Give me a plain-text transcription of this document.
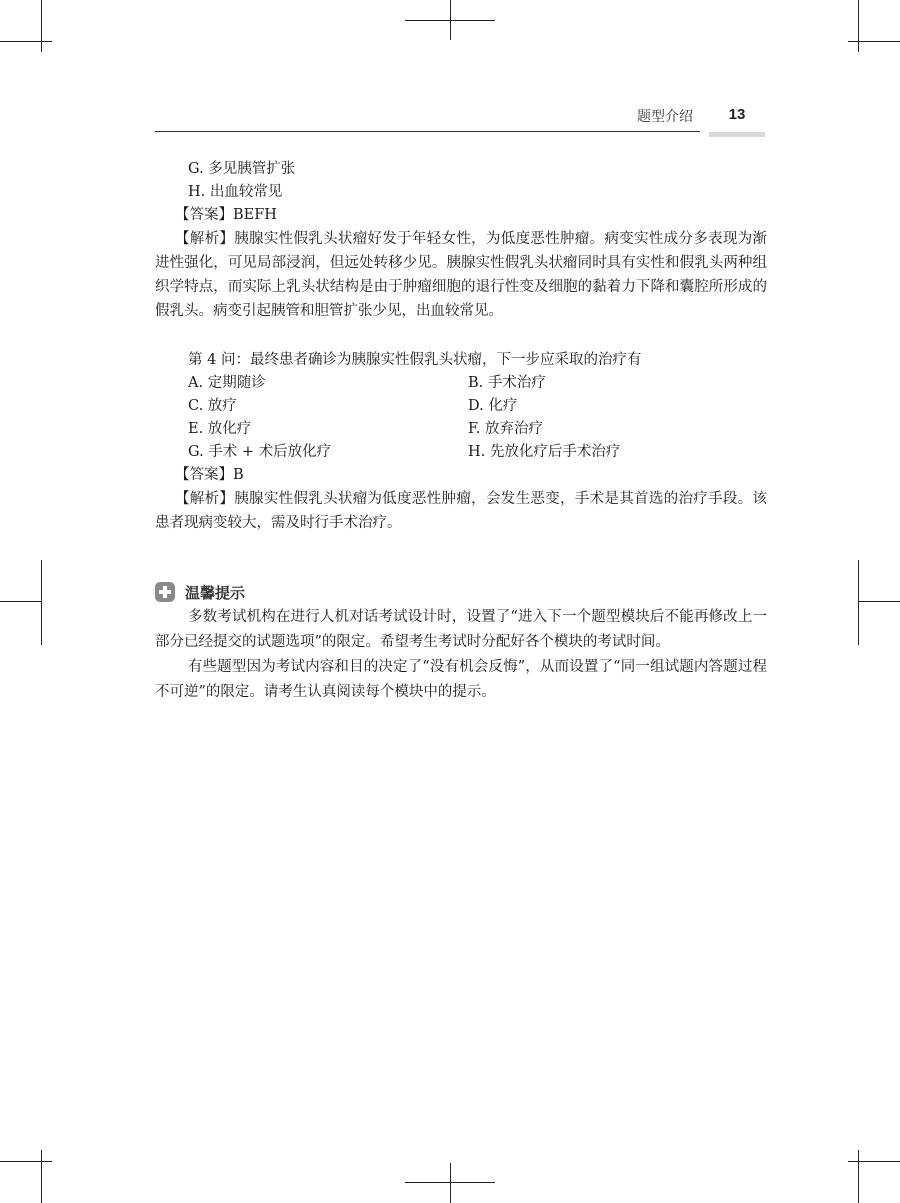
题型介绍	13
G. 多见胰管扩张
H. 出血较常见
【答案】BEFH

【解析】胰腺实性假乳头状瘤好发于年轻女性，为低度恶性肿瘤。病变实性成分多表现为渐进性强化，可见局部浸润，但远处转移少见。胰腺实性假乳头状瘤同时具有实性和假乳头两种组织学特点，而实际上乳头状结构是由于肿瘤细胞的退行性变及细胞的黏着力下降和囊腔所形成的假乳头。病变引起胰管和胆管扩张少见，出血较常见。

第 4 问：最终患者确诊为胰腺实性假乳头状瘤，下一步应采取的治疗有
A. 定期随诊	B. 手术治疗
C. 放疗	D. 化疗
E. 放化疗	F. 放弃治疗
G. 手术 + 术后放化疗	H. 先放化疗后手术治疗
【答案】B

【解析】胰腺实性假乳头状瘤为低度恶性肿瘤，会发生恶变，手术是其首选的治疗手段。该患者现病变较大，需及时行手术治疗。

温馨提示

多数考试机构在进行人机对话考试设计时，设置了“进入下一个题型模块后不能再修改上一部分已经提交的试题选项”的限定。希望考生考试时分配好各个模块的考试时间。

有些题型因为考试内容和目的决定了“没有机会反悔”，从而设置了“同一组试题内答题过程不可逆”的限定。请考生认真阅读每个模块中的提示。
